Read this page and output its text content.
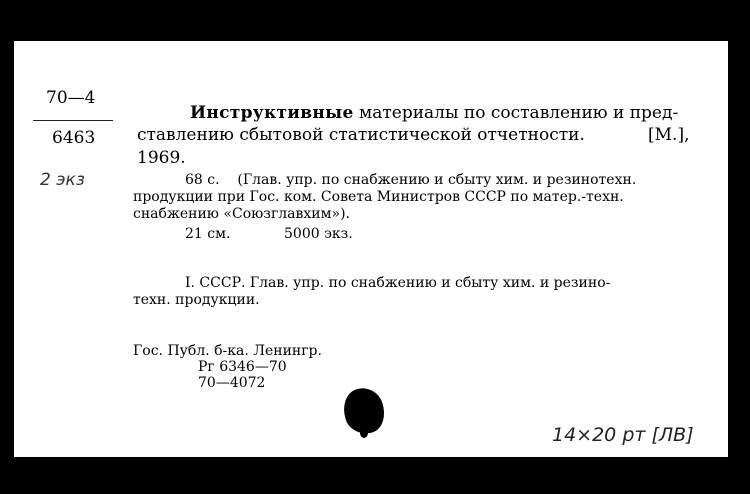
70—4
6463
2 экз
Инструктивные материалы по составлению и пред-
ставлению сбытовой статистической отчетности.	[М.],
1969.
68 с.    (Глав. упр. по снабжению и сбыту хим. и резинотехн.
продукции при Гос. ком. Совета Министров СССР по матер.-техн.
снабжению «Союзглавхим»).
21 см.	5000 экз.
I. СССР. Глав. упр. по снабжению и сбыту хим. и резино-
техн. продукции.
Гос. Публ. б-ка. Ленингр.
Рг 6346—70
70—4072
14×20 рт [ЛВ]
